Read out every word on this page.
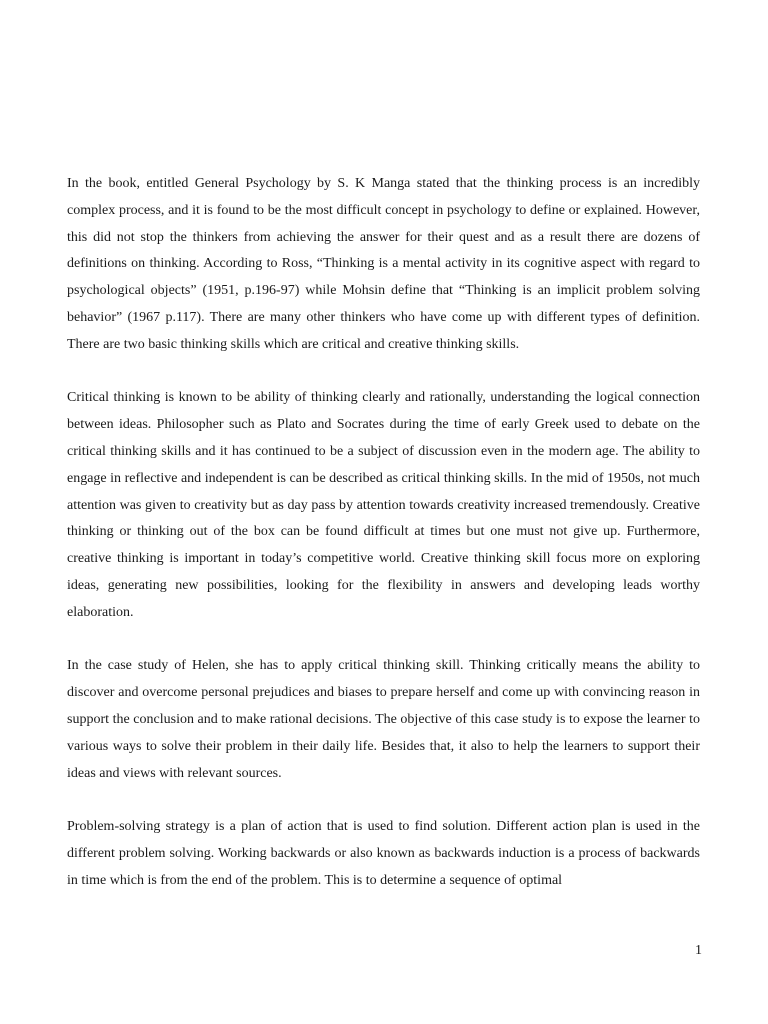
In the book, entitled General Psychology by S. K Manga stated that the thinking process is an incredibly complex process, and it is found to be the most difficult concept in psychology to define or explained. However, this did not stop the thinkers from achieving the answer for their quest and as a result there are dozens of definitions on thinking. According to Ross, “Thinking is a mental activity in its cognitive aspect with regard to psychological objects” (1951, p.196-97) while Mohsin define that “Thinking is an implicit problem solving behavior” (1967 p.117). There are many other thinkers who have come up with different types of definition. There are two basic thinking skills which are critical and creative thinking skills.

Critical thinking is known to be ability of thinking clearly and rationally, understanding the logical connection between ideas. Philosopher such as Plato and Socrates during the time of early Greek used to debate on the critical thinking skills and it has continued to be a subject of discussion even in the modern age. The ability to engage in reflective and independent is can be described as critical thinking skills. In the mid of 1950s, not much attention was given to creativity but as day pass by attention towards creativity increased tremendously. Creative thinking or thinking out of the box can be found difficult at times but one must not give up. Furthermore, creative thinking is important in today’s competitive world. Creative thinking skill focus more on exploring ideas, generating new possibilities, looking for the flexibility in answers and developing leads worthy elaboration.

In the case study of Helen, she has to apply critical thinking skill. Thinking critically means the ability to discover and overcome personal prejudices and biases to prepare herself and come up with convincing reason in support the conclusion and to make rational decisions. The objective of this case study is to expose the learner to various ways to solve their problem in their daily life. Besides that, it also to help the learners to support their ideas and views with relevant sources.

Problem-solving strategy is a plan of action that is used to find solution. Different action plan is used in the different problem solving. Working backwards or also known as backwards induction is a process of backwards in time which is from the end of the problem. This is to determine a sequence of optimal

1
